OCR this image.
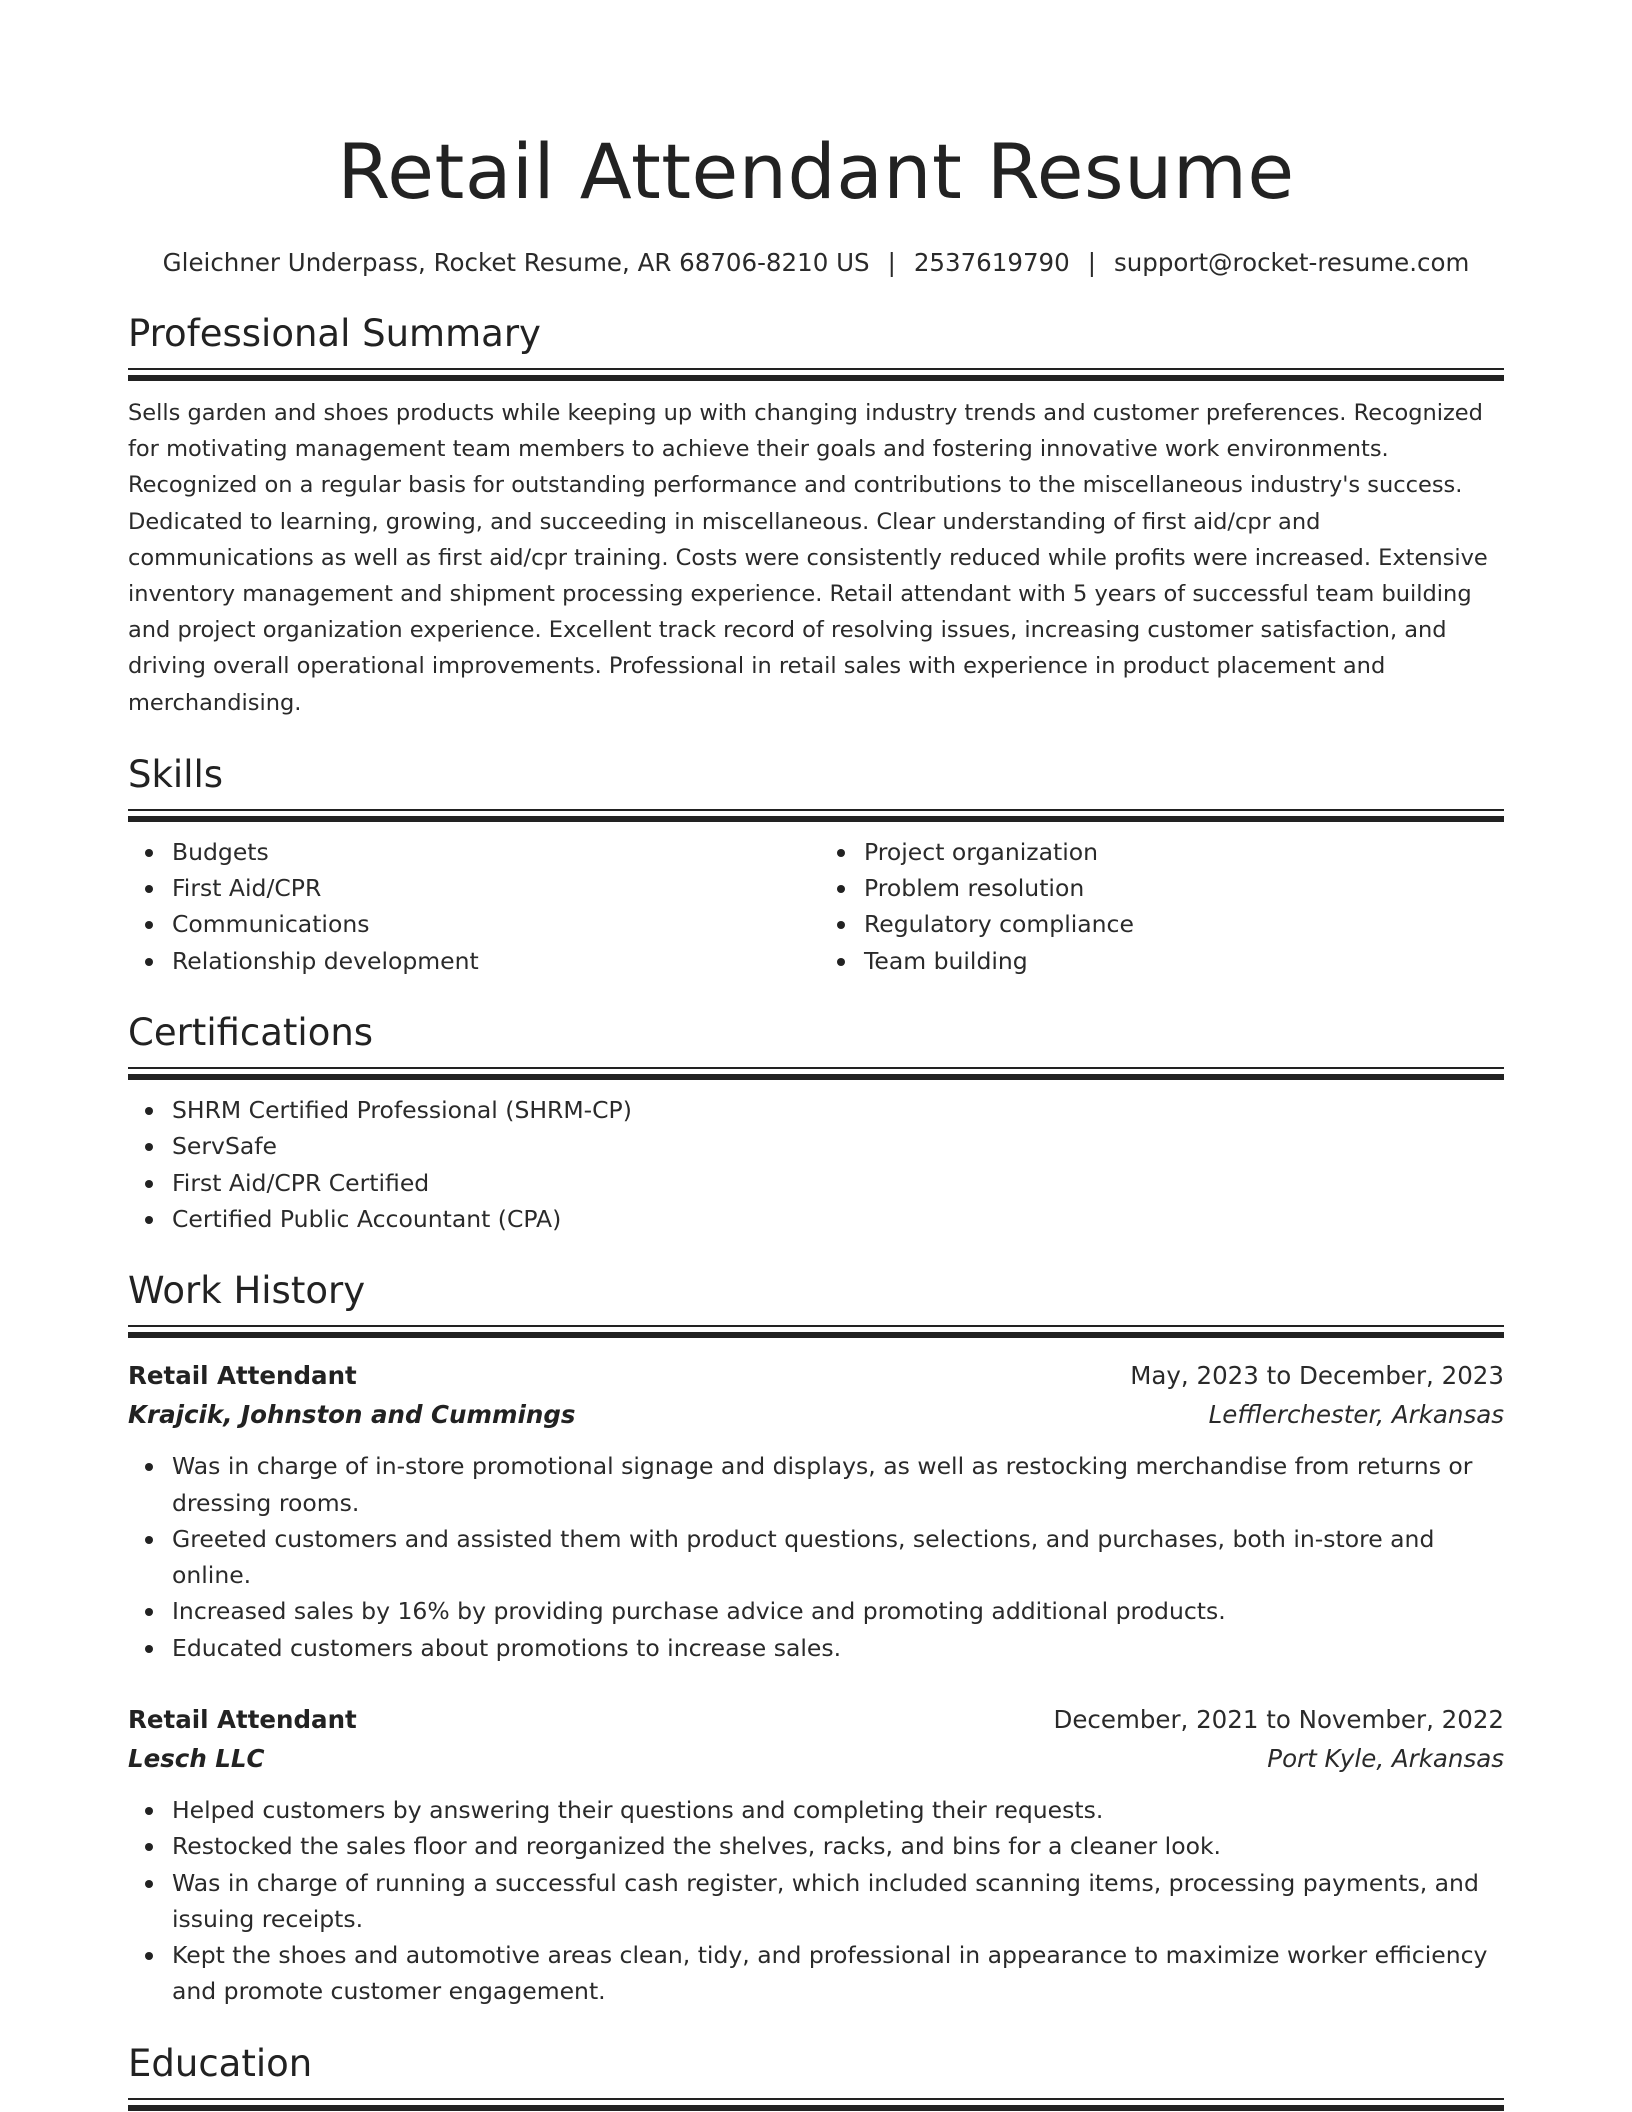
Retail Attendant Resume
Gleichner Underpass, Rocket Resume, AR 68706-8210 US | 2537619790 | support@rocket-resume.com
Professional Summary
Sells garden and shoes products while keeping up with changing industry trends and customer preferences. Recognized for motivating management team members to achieve their goals and fostering innovative work environments. Recognized on a regular basis for outstanding performance and contributions to the miscellaneous industry's success. Dedicated to learning, growing, and succeeding in miscellaneous. Clear understanding of first aid/cpr and communications as well as first aid/cpr training. Costs were consistently reduced while profits were increased. Extensive inventory management and shipment processing experience. Retail attendant with 5 years of successful team building and project organization experience. Excellent track record of resolving issues, increasing customer satisfaction, and driving overall operational improvements. Professional in retail sales with experience in product placement and merchandising.
Skills
Budgets
First Aid/CPR
Communications
Relationship development
Project organization
Problem resolution
Regulatory compliance
Team building
Certifications
SHRM Certified Professional (SHRM-CP)
ServSafe
First Aid/CPR Certified
Certified Public Accountant (CPA)
Work History
Retail Attendant	May, 2023 to December, 2023
Krajcik, Johnston and Cummings	Lefflerchester, Arkansas
Was in charge of in-store promotional signage and displays, as well as restocking merchandise from returns or dressing rooms.
Greeted customers and assisted them with product questions, selections, and purchases, both in-store and online.
Increased sales by 16% by providing purchase advice and promoting additional products.
Educated customers about promotions to increase sales.
Retail Attendant	December, 2021 to November, 2022
Lesch LLC	Port Kyle, Arkansas
Helped customers by answering their questions and completing their requests.
Restocked the sales floor and reorganized the shelves, racks, and bins for a cleaner look.
Was in charge of running a successful cash register, which included scanning items, processing payments, and issuing receipts.
Kept the shoes and automotive areas clean, tidy, and professional in appearance to maximize worker efficiency and promote customer engagement.
Education
